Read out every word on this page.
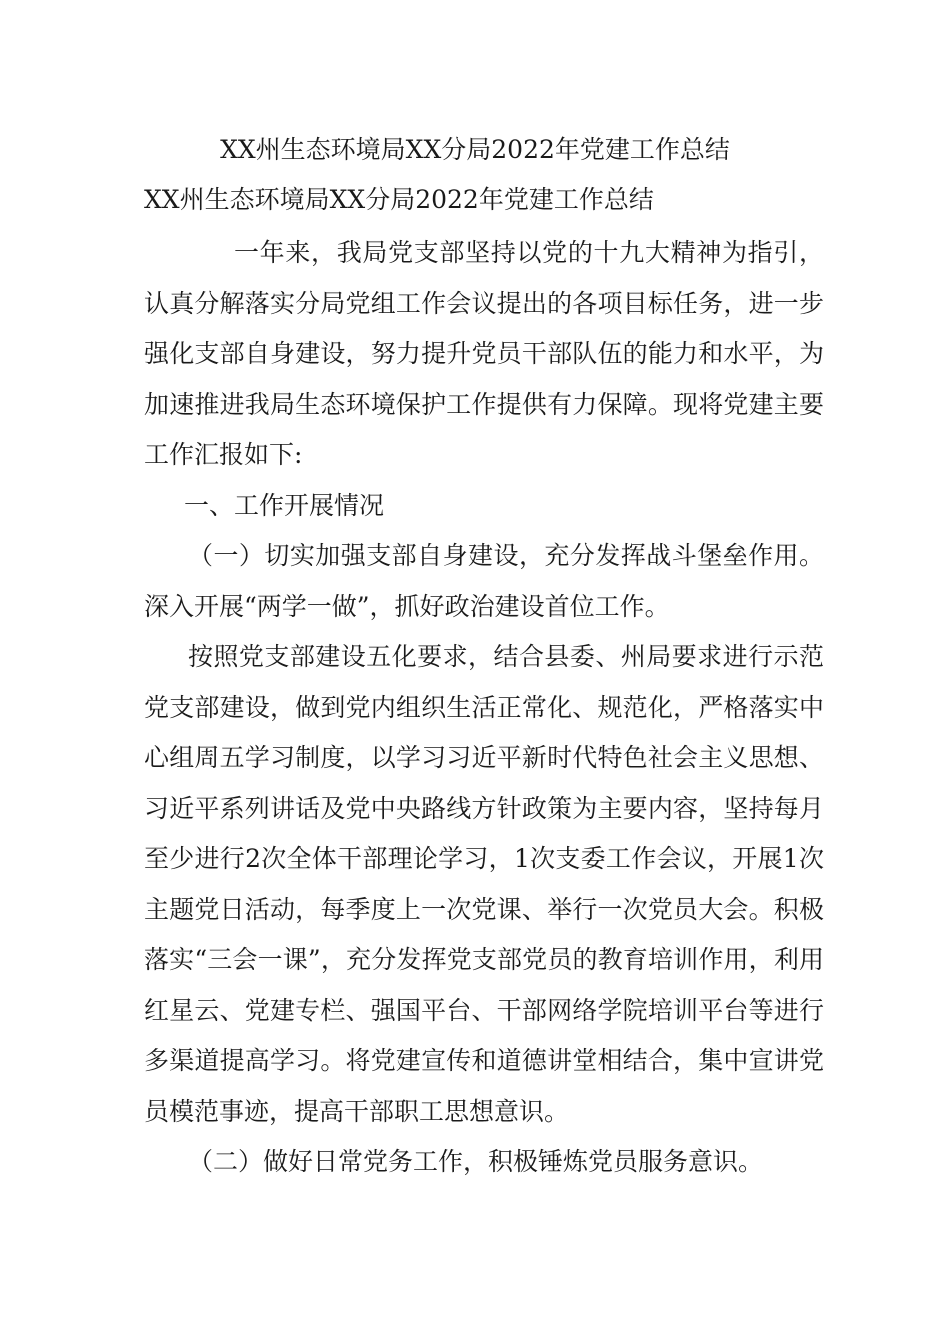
XX州生态环境局XX分局2022年党建工作总结
XX州生态环境局XX分局2022年党建工作总结

一年来，我局党支部坚持以党的十九大精神为指引，认真分解落实分局党组工作会议提出的各项目标任务，进一步强化支部自身建设，努力提升党员干部队伍的能力和水平，为加速推进我局生态环境保护工作提供有力保障。现将党建主要工作汇报如下:

一、工作开展情况

（一）切实加强支部自身建设，充分发挥战斗堡垒作用。深入开展“两学一做”，抓好政治建设首位工作。

按照党支部建设五化要求，结合县委、州局要求进行示范党支部建设，做到党内组织生活正常化、规范化，严格落实中心组周五学习制度，以学习习近平新时代特色社会主义思想、习近平系列讲话及党中央路线方针政策为主要内容，坚持每月至少进行2次全体干部理论学习，1次支委工作会议，开展1次主题党日活动，每季度上一次党课、举行一次党员大会。积极落实“三会一课”，充分发挥党支部党员的教育培训作用，利用红星云、党建专栏、强国平台、干部网络学院培训平台等进行多渠道提高学习。将党建宣传和道德讲堂相结合，集中宣讲党员模范事迹，提高干部职工思想意识。

（二）做好日常党务工作，积极锤炼党员服务意识。
